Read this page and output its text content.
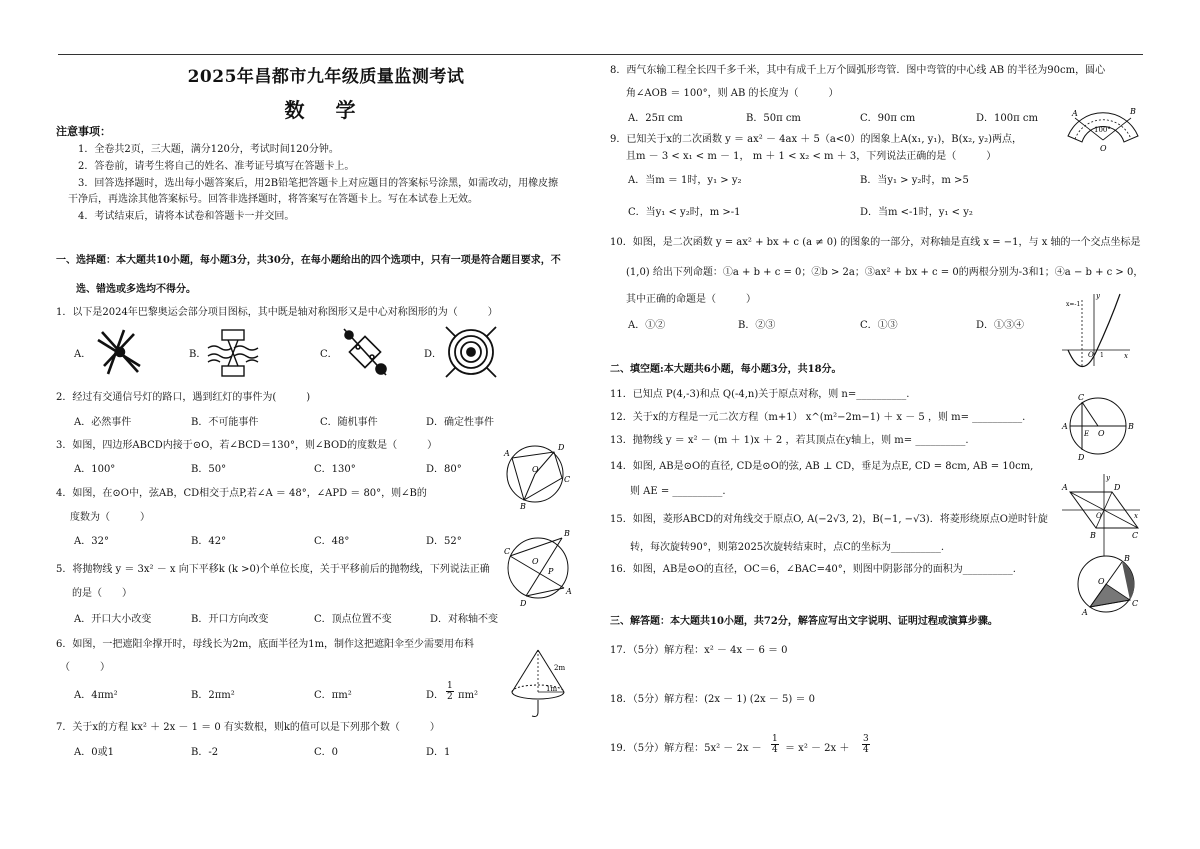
2025年昌都市九年级质量监测考试
数 学
注意事项：
1．全卷共2页，三大题，满分120分，考试时间120分钟。
2．答卷前，请考生将自己的姓名、准考证号填写在答题卡上。
3．回答选择题时，选出每小题答案后，用2B铅笔把答题卡上对应题目的答案标号涂黑，如需改动，用橡皮擦
干净后，再选涂其他答案标号。回答非选择题时，将答案写在答题卡上。写在本试卷上无效。
4．考试结束后，请将本试卷和答题卡一并交回。
一、选择题：本大题共10小题，每小题3分，共30分，在每小题给出的四个选项中，只有一项是符合题目要求，不
选、错选或多选均不得分。
1．以下是2024年巴黎奥运会部分项目图标，其中既是轴对称图形又是中心对称图形的为（　　　）
A．	B．	C．	D．
2．经过有交通信号灯的路口，遇到红灯的事件为(　　　)
A．必然事件	B．不可能事件	C．随机事件	D．确定性事件
3．如图，四边形ABCD内接于⊙O，若∠BCD＝130°，则∠BOD的度数是（　　　）
A．100°	B．50°	C．130°	D．80°
A
D
O
C
B
4．如图，在⊙O中，弦AB，CD相交于点P,若∠A ＝ 48°，∠APD ＝ 80°，则∠B的
度数为（　　　）
A．32°	B．42°	C．48°	D．52°
C
B
O
P
A
D
5．将抛物线 y ＝ 3x² － x 向下平移k (k >0)个单位长度，关于平移前后的抛物线，下列说法正确
的是（　　）
A．开口大小改变	B．开口方向改变	C．顶点位置不变	D．对称轴不变
6．如图，一把遮阳伞撑开时，母线长为2m，底面半径为1m，制作这把遮阳伞至少需要用布料
（　　　）
A．4πm²	B．2πm²	C．πm²	D．
1
2 πm²
2m
1m
7．关于x的方程 kx² ＋ 2x － 1 ＝ 0 有实数根，则k的值可以是下列那个数（　　　）
A．0或1	B．-2	C．0	D．1
8．西气东输工程全长四千多千米，其中有成千上万个圆弧形弯管．图中弯管的中心线 AB 的半径为90cm，圆心
角∠AOB ＝ 100°，则 AB 的长度为（　　　）
A．25π cm	B．50π cm	C．90π cm	D．100π cm	A	B
O
100°
9．已知关于x的二次函数 y ＝ ax² － 4ax ＋ 5（a<0）的图象上A(x₁, y₁)，B(x₂, y₂)两点，
且m － 3 < x₁ < m － 1， m ＋ 1 < x₂ < m ＋ 3，下列说法正确的是（　　　）
A．当m ＝ 1时，y₁ > y₂	B．当y₁ > y₂时，m >5
C．当y₁ < y₂时，m >-1	D．当m <-1时，y₁ < y₂
10．如图，是二次函数 y = ax² + bx + c (a ≠ 0) 的图象的一部分，对称轴是直线 x = −1，与 x 轴的一个交点坐标是
(1,0) 给出下列命题：①a + b + c = 0；②b > 2a；③ax² + bx + c = 0的两根分别为-3和1；④a − b + c > 0，
其中正确的命题是（　　　）
A．①②	B．②③	C．①③	D．①③④
y
x
O 1
x=-1
二、填空题:本大题共6小题，每小题3分，共18分。
11．已知点 P(4,-3)和点 Q(-4,n)关于原点对称，则 n=__________.
12．关于x的方程是一元二次方程（m+1） x^(m²−2m−1) ＋ x － 5 ，则 m= __________.
13．抛物线 y ＝ x² － (m ＋ 1)x ＋ 2 ，若其顶点在y轴上，则 m= __________.
C
A
E O
B
D
14．如图, AB是⊙O的直径, CD是⊙O的弦, AB ⊥ CD，垂足为点E, CD = 8cm, AB = 10cm,
则 AE = __________.
15．如图，菱形ABCD的对角线交于原点O, A(−2√3, 2)，B(−1, −√3)．将菱形绕原点O逆时针旋
转，每次旋转90°，则第2025次旋转结束时，点C的坐标为__________.
A
y
D
O	x
B	C
16．如图，AB是⊙O的直径，OC＝6，∠BAC=40°，则图中阴影部分的面积为__________.
B
O
A
C
三、解答题：本大题共10小题，共72分，解答应写出文字说明、证明过程或演算步骤。
17．（5分）解方程：x² － 4x － 6 ＝ 0
18．（5分）解方程：(2x － 1) (2x － 5) ＝ 0
19．（5分）解方程：5x² － 2x －
1
4 ＝ x² － 2x ＋
3
4
